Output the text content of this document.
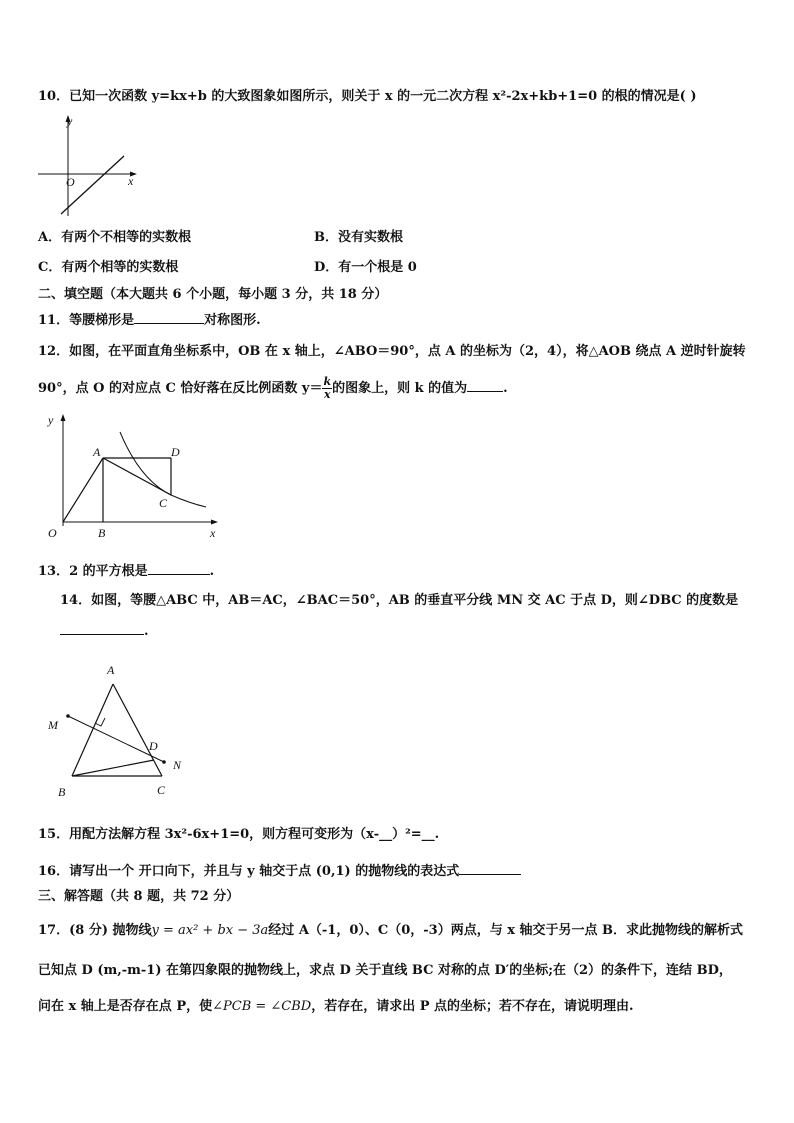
10．已知一次函数 y=kx+b 的大致图象如图所示，则关于 x 的一元二次方程 x²-2x+kb+1=0 的根的情况是( )
y
O	x
A．有两个不相等的实数根	B．没有实数根
C．有两个相等的实数根	D．有一个根是 0
二、填空题（本大题共 6 个小题，每小题 3 分，共 18 分）
11．等腰梯形是	对称图形.
12．如图，在平面直角坐标系中，OB 在 x 轴上，∠ABO＝90°，点 A 的坐标为（2，4），将△AOB 绕点 A 逆时针旋转
90°，点 O 的对应点 C 恰好落在反比例函数 $y= \frac{k}{x}$ 的图象上，则 k 的值为	.
y
A	D
C
O	B	x
13．2 的平方根是	.
14．如图，等腰△ABC 中，AB＝AC，∠BAC＝50°，AB 的垂直平分线 MN 交 AC 于点 D，则∠DBC 的度数是
.
A
M
D
N
B	C
15．用配方法解方程 3x²-6x+1=0，则方程可变形为（x-__）²=__.
16．请写出一个 开口向下，并且与 y 轴交于点 (0,1) 的抛物线的表达式
三、解答题（共 8 题，共 72 分）
17．(8 分) 抛物线y = ax² + bx − 3a经过 A（-1，0）、C（0，-3）两点，与 x 轴交于另一点 B．求此抛物线的解析式
已知点 D (m,-m-1) 在第四象限的抛物线上，求点 D 关于直线 BC 对称的点 D′的坐标;在（2）的条件下，连结 BD，
问在 x 轴上是否存在点 P，使∠PCB = ∠CBD，若存在，请求出 P 点的坐标；若不存在，请说明理由.
